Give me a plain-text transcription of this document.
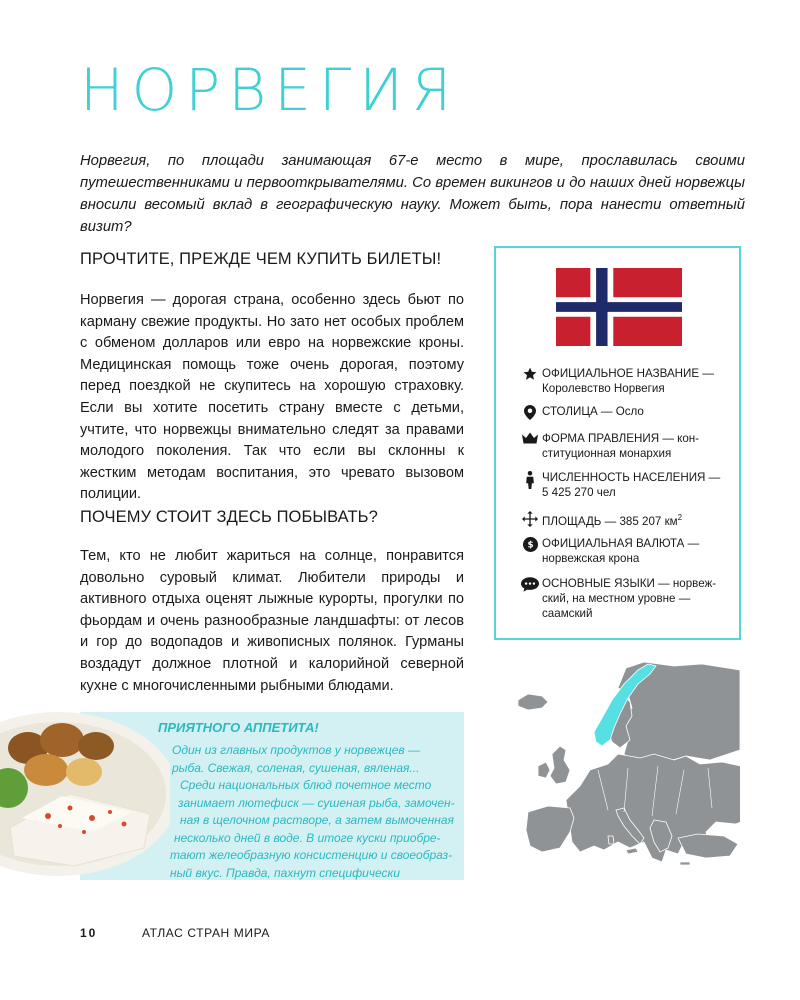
НОРВЕГИЯ
Норвегия, по площади занимающая 67-е место в мире, прославилась своими путешественниками и первооткрывателями. Со времен викингов и до наших дней норвежцы вносили весомый вклад в географическую науку. Может быть, пора нанести ответный визит?
ПРОЧТИТЕ, ПРЕЖДЕ ЧЕМ КУПИТЬ БИЛЕТЫ!
Норвегия — дорогая страна, особенно здесь бьют по карману свежие продукты. Но зато нет особых проблем с обменом долларов или евро на норвежские кроны. Медицинская помощь тоже очень дорогая, поэтому перед поездкой не скупитесь на хорошую страховку. Если вы хотите посетить страну вместе с детьми, учтите, что норвежцы внимательно следят за правами молодого поколения. Так что если вы склонны к жестким методам воспитания, это чревато вызовом полиции.
ПОЧЕМУ СТОИТ ЗДЕСЬ ПОБЫВАТЬ?
Тем, кто не любит жариться на солнце, понравится довольно суровый климат. Любители природы и активного отдыха оценят лыжные курорты, прогулки по фьордам и очень разнообразные ландшафты: от лесов и гор до водопадов и живописных полянок. Гурманы воздадут должное плотной и калорийной северной кухне с многочисленными рыбными блюдами.
ОФИЦИАЛЬНОЕ НАЗВАНИЕ —
Королевство Норвегия
СТОЛИЦА — Осло
ФОРМА ПРАВЛЕНИЯ — кон-
ституционная монархия
ЧИСЛЕННОСТЬ НАСЕЛЕНИЯ —
5 425 270 чел
ПЛОЩАДЬ — 385 207 $км^2$
$ ОФИЦИАЛЬНАЯ ВАЛЮТА —
норвежская крона
ОСНОВНЫЕ ЯЗЫКИ — норвеж-
ский, на местном уровне —
саамский
ПРИЯТНОГО АППЕТИТА!
Один из главных продуктов у норвежцев —
рыба. Свежая, соленая, сушеная, вяленая...
Среди национальных блюд почетное место
занимает лютефиск — сушеная рыба, замочен-
ная в щелочном растворе, а затем вымоченная
несколько дней в воде. В итоге куски приобре-
тают желеобразную консистенцию и своеобраз-
ный вкус. Правда, пахнут специфически
10	АТЛАС СТРАН МИРА
